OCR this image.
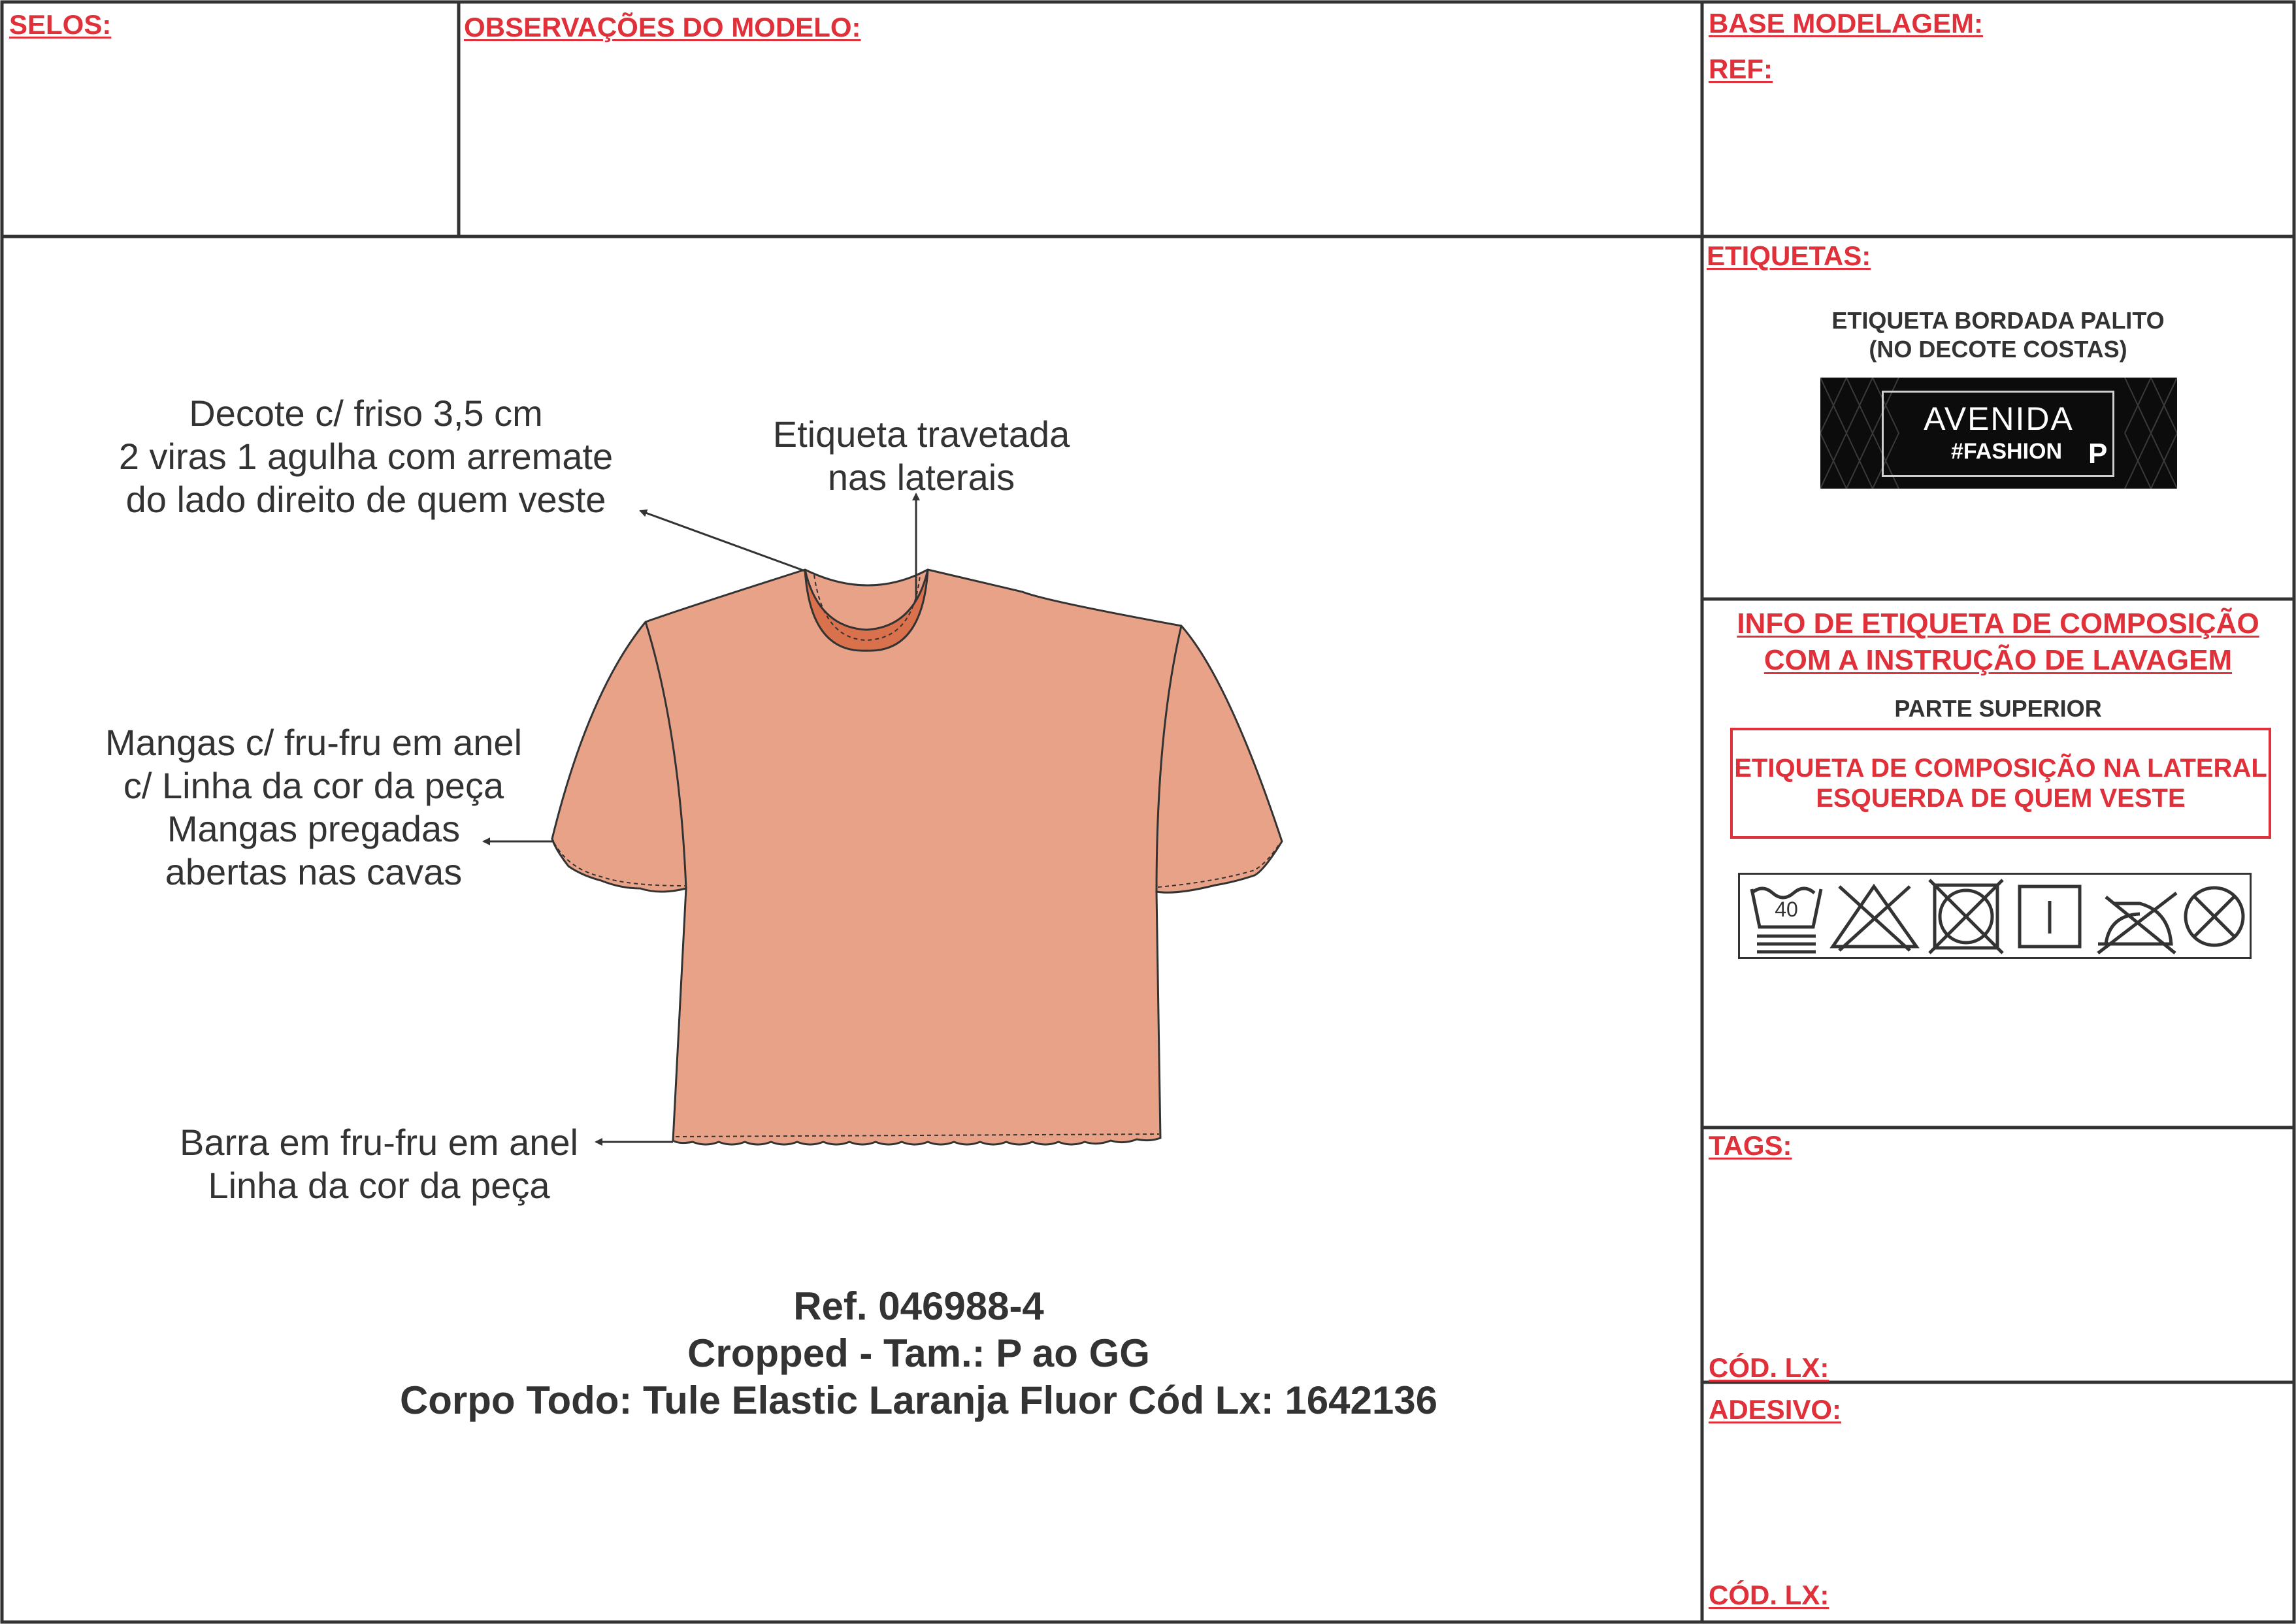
SELOS:	OBSERVAÇÕES DO MODELO:	BASE MODELAGEM:
REF:
ETIQUETAS:
ETIQUETA BORDADA PALITO
(NO DECOTE COSTAS)
AVENIDA
#FASHION P
INFO DE ETIQUETA DE COMPOSIÇÃO
COM A INSTRUÇÃO DE LAVAGEM
PARTE SUPERIOR
ETIQUETA DE COMPOSIÇÃO NA LATERAL ESQUERDA DE QUEM VESTE
40
TAGS:
CÓD. LX:
ADESIVO:
CÓD. LX:
Decote c/ friso 3,5 cm
2 viras 1 agulha com arremate
do lado direito de quem veste
Etiqueta travetada
nas laterais
Mangas c/ fru-fru em anel
c/ Linha da cor da peça
Mangas pregadas
abertas nas cavas
Barra em fru-fru em anel
Linha da cor da peça
Ref. 046988-4
Cropped - Tam.: P ao GG
Corpo Todo: Tule Elastic Laranja Fluor Cód Lx: 1642136
